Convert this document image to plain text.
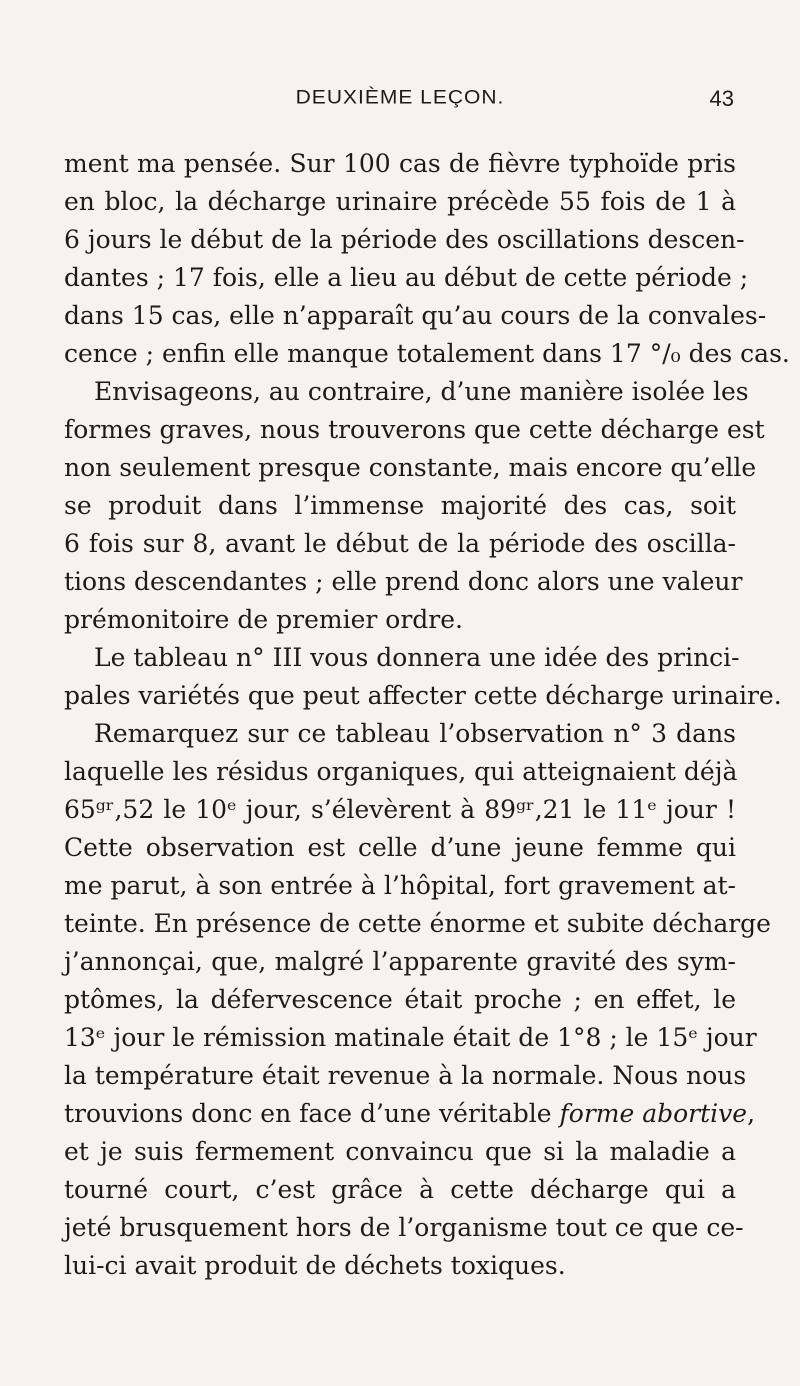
DEUXIÈME LEÇON.	43
ment ma pensée. Sur 100 cas de fièvre typhoïde pris
en bloc, la décharge urinaire précède 55 fois de 1 à
6 jours le début de la période des oscillations descen-
dantes ; 17 fois, elle a lieu au début de cette période ;
dans 15 cas, elle n’apparaît qu’au cours de la convales-
cence ; enfin elle manque totalement dans 17 °/₀ des cas.
Envisageons, au contraire, d’une manière isolée les
formes graves, nous trouverons que cette décharge est
non seulement presque constante, mais encore qu’elle
se produit dans l’immense majorité des cas, soit
6 fois sur 8, avant le début de la période des oscilla-
tions descendantes ; elle prend donc alors une valeur
prémonitoire de premier ordre.
Le tableau n° III vous donnera une idée des princi-
pales variétés que peut affecter cette décharge urinaire.
Remarquez sur ce tableau l’observation n° 3 dans
laquelle les résidus organiques, qui atteignaient déjà
65ᵍʳ,52 le 10ᵉ jour, s’élevèrent à 89ᵍʳ,21 le 11ᵉ jour !
Cette observation est celle d’une jeune femme qui
me parut, à son entrée à l’hôpital, fort gravement at-
teinte. En présence de cette énorme et subite décharge
j’annonçai, que, malgré l’apparente gravité des sym-
ptômes, la défervescence était proche ; en effet, le
13ᵉ jour le rémission matinale était de 1°8 ; le 15ᵉ jour
la température était revenue à la normale. Nous nous
trouvions donc en face d’une véritable forme abortive,
et je suis fermement convaincu que si la maladie a
tourné court, c’est grâce à cette décharge qui a
jeté brusquement hors de l’organisme tout ce que ce-
lui-ci avait produit de déchets toxiques.
